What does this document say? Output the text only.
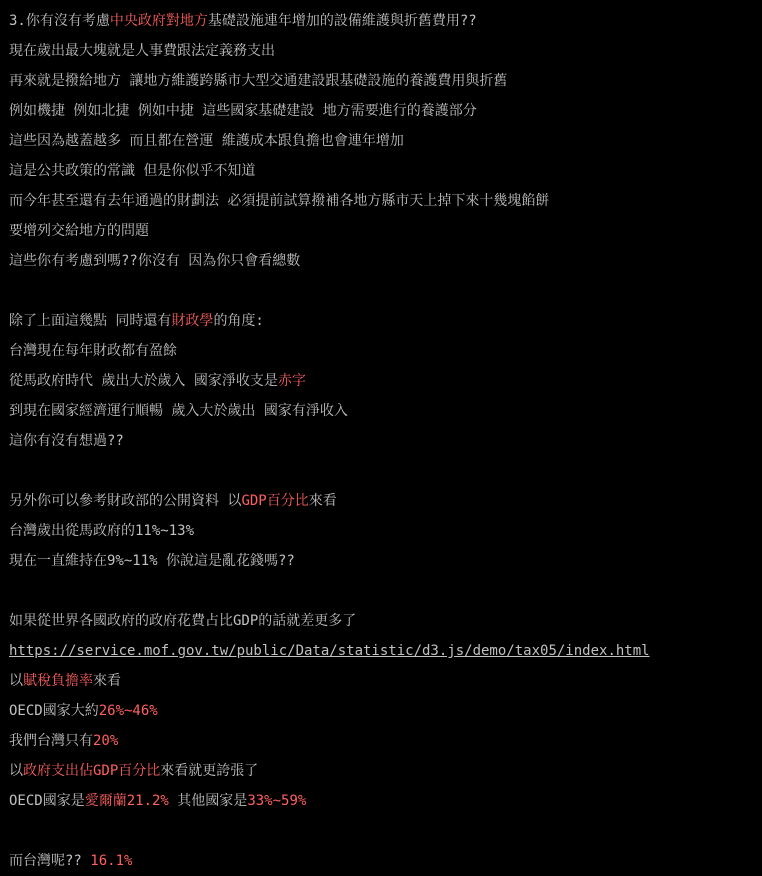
3.你有沒有考慮中央政府對地方基礎設施連年增加的設備維護與折舊費用??
現在歲出最大塊就是人事費跟法定義務支出
再來就是撥給地方 讓地方維護跨縣市大型交通建設跟基礎設施的養護費用與折舊
例如機捷 例如北捷 例如中捷 這些國家基礎建設 地方需要進行的養護部分
這些因為越蓋越多 而且都在營運 維護成本跟負擔也會連年增加
這是公共政策的常識 但是你似乎不知道
而今年甚至還有去年通過的財劃法 必須提前試算撥補各地方縣市天上掉下來十幾塊餡餅
要增列交給地方的問題
這些你有考慮到嗎??你沒有 因為你只會看總數
除了上面這幾點 同時還有財政學的角度:
台灣現在每年財政都有盈餘
從馬政府時代 歲出大於歲入 國家淨收支是赤字
到現在國家經濟運行順暢 歲入大於歲出 國家有淨收入
這你有沒有想過??
另外你可以參考財政部的公開資料 以GDP百分比來看
台灣歲出從馬政府的11%~13%
現在一直維持在9%~11% 你說這是亂花錢嗎??
如果從世界各國政府的政府花費占比GDP的話就差更多了
https://service.mof.gov.tw/public/Data/statistic/d3.js/demo/tax05/index.html
以賦稅負擔率來看
OECD國家大約26%~46%
我們台灣只有20%
以政府支出佔GDP百分比來看就更誇張了
OECD國家是愛爾蘭21.2% 其他國家是33%~59%
而台灣呢?? 16.1%
